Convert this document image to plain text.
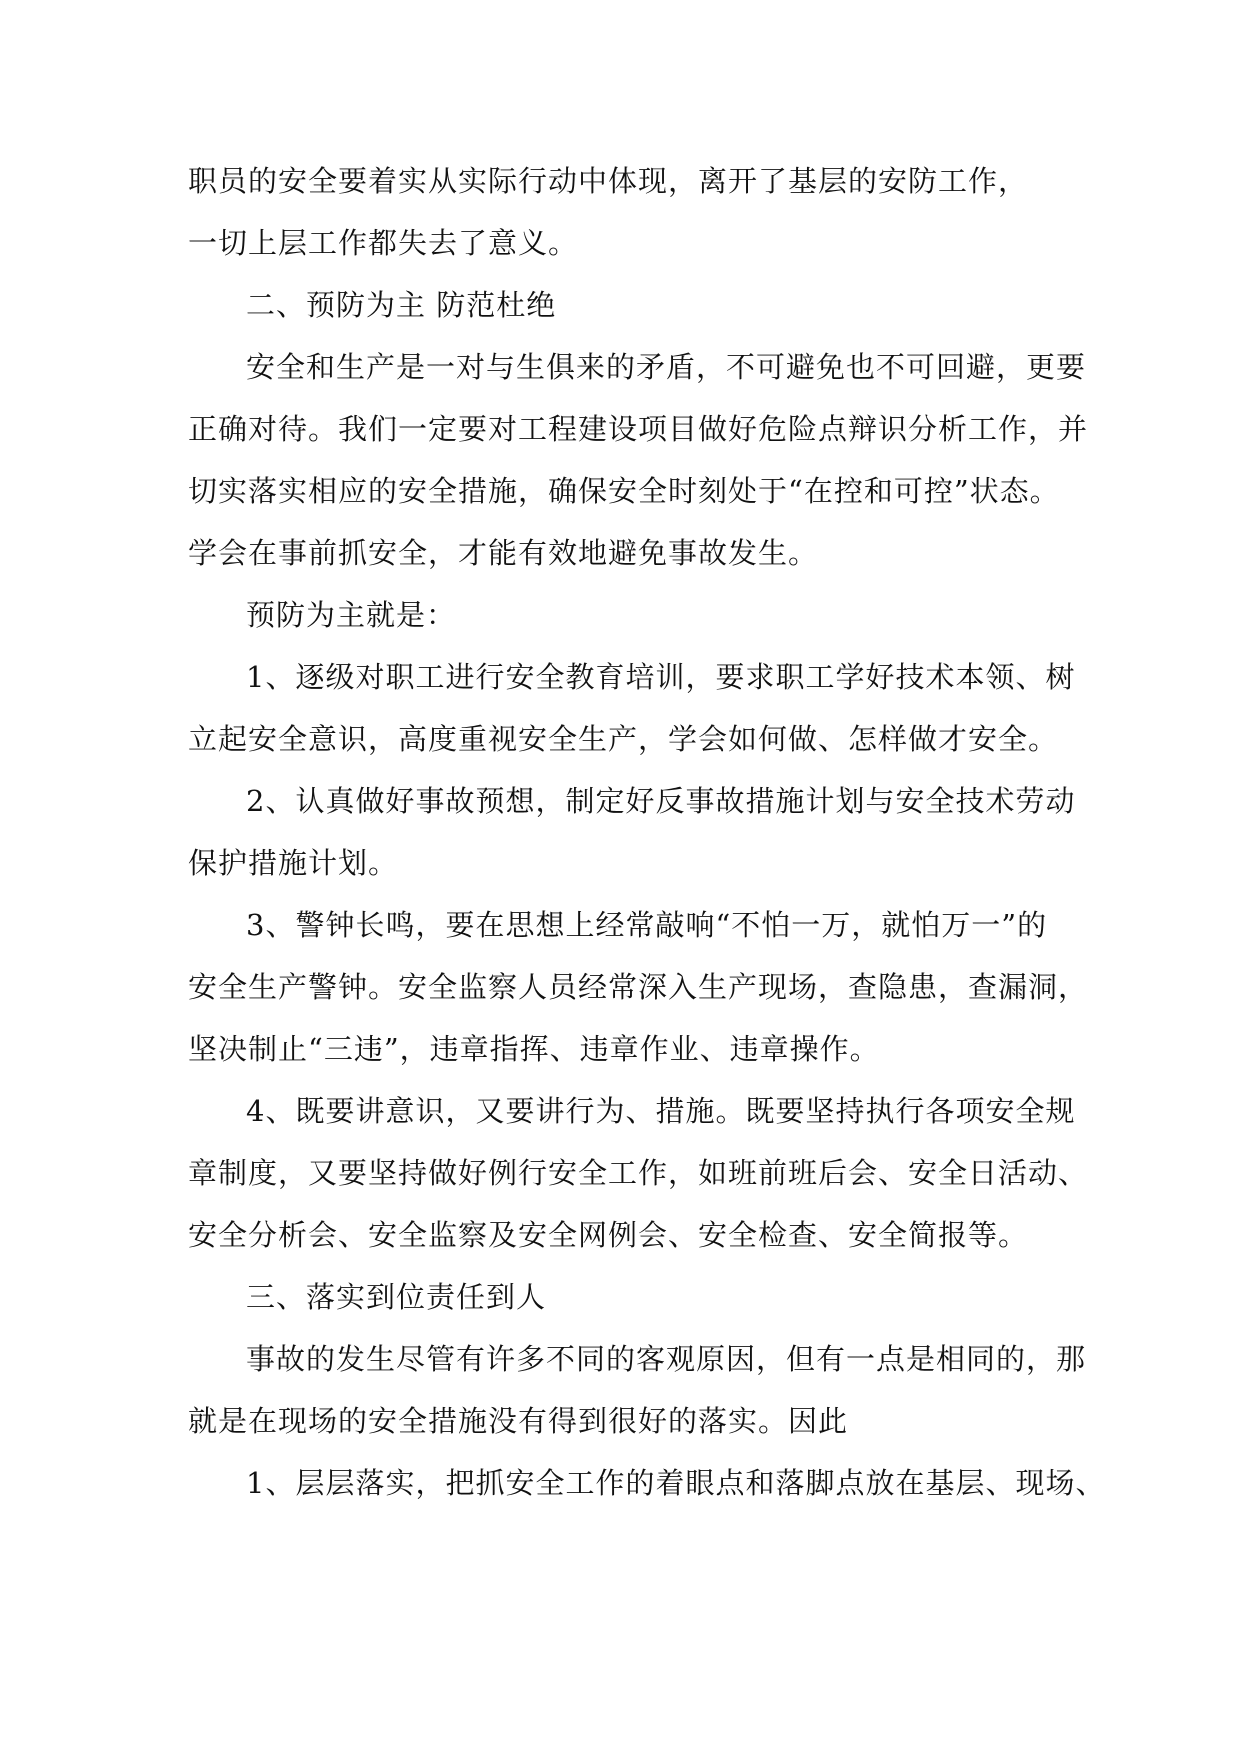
职员的安全要着实从实际行动中体现，离开了基层的安防工作，
一切上层工作都失去了意义。

二、预防为主 防范杜绝

安全和生产是一对与生俱来的矛盾，不可避免也不可回避，更要
正确对待。我们一定要对工程建设项目做好危险点辩识分析工作，并
切实落实相应的安全措施，确保安全时刻处于“在控和可控”状态。
学会在事前抓安全，才能有效地避免事故发生。

预防为主就是：

1、逐级对职工进行安全教育培训，要求职工学好技术本领、树
立起安全意识，高度重视安全生产，学会如何做、怎样做才安全。

2、认真做好事故预想，制定好反事故措施计划与安全技术劳动
保护措施计划。

3、警钟长鸣，要在思想上经常敲响“不怕一万，就怕万一”的
安全生产警钟。安全监察人员经常深入生产现场，查隐患，查漏洞，
坚决制止“三违”，违章指挥、违章作业、违章操作。

4、既要讲意识，又要讲行为、措施。既要坚持执行各项安全规
章制度，又要坚持做好例行安全工作，如班前班后会、安全日活动、
安全分析会、安全监察及安全网例会、安全检查、安全简报等。

三、落实到位责任到人

事故的发生尽管有许多不同的客观原因，但有一点是相同的，那
就是在现场的安全措施没有得到很好的落实。因此

1、层层落实，把抓安全工作的着眼点和落脚点放在基层、现场、
